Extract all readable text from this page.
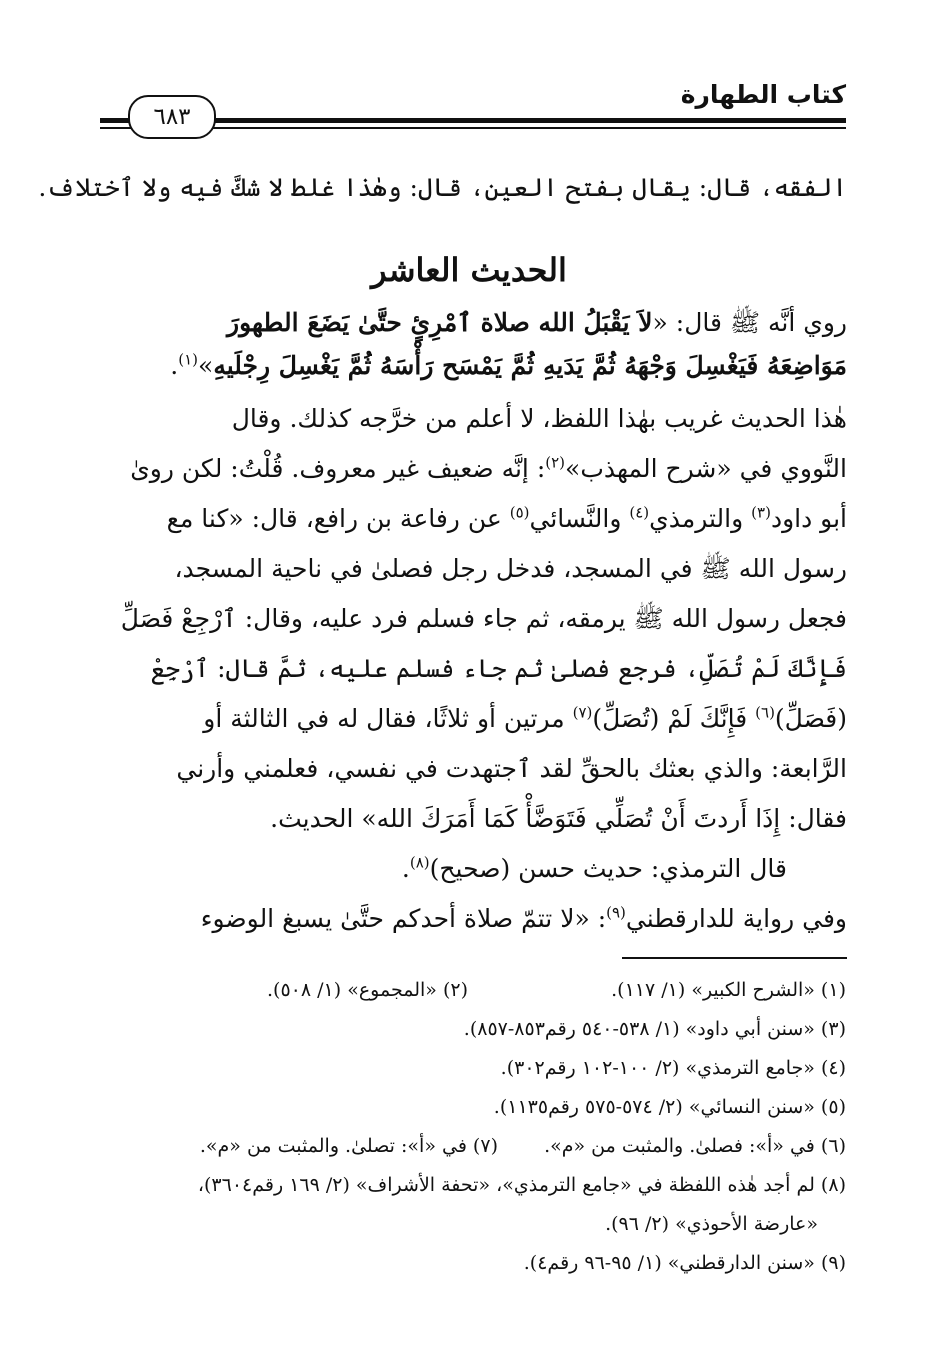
كتاب الطهارة
٦٨٣
الفقه، قال: يقال بفتح العين، قال: وهٰذا غلط لا شكَّ فيه ولا ٱختلاف.
الحديث العاشر
روي أنَّه ﷺ قال: «لاَ يَقْبَلُ الله صلاة ٱمْرِئٍ حتَّىٰ يَضَعَ الطهورَ
مَوَاضِعَهُ فَيَغْسِلَ وَجْهَهُ ثُمَّ يَدَيهِ ثُمَّ يَمْسَح رَأْسَهُ ثُمَّ يَغْسِلَ رِجْلَيهِ»$^{(١)}$.
هٰذا الحديث غريب بهٰذا اللفظ، لا أعلم من خرَّجه كذلك. وقال
النَّووي في «شرح المهذب»$^{(٢)}$: إنَّه ضعيف غير معروف. قُلْتُ: لكن روىٰ
أبو داود$^{(٣)}$ والترمذي$^{(٤)}$ والنَّسائي$^{(٥)}$ عن رفاعة بن رافع، قال: «كنا مع
رسول الله ﷺ في المسجد، فدخل رجل فصلىٰ في ناحية المسجد،
فجعل رسول الله ﷺ يرمقه، ثم جاء فسلم فرد عليه، وقال: ٱرْجِعْ فَصَلِّ
فَإِنَّكَ لَمْ تُصَلِّ، فرجع فصلىٰ ثم جاء فسلم عليه، ثمَّ قال: ٱرْجِعْ
(فَصَلِّ)$^{(٦)}$ فَإِنَّكَ لَمْ (تُصَلِّ)$^{(٧)}$ مرتين أو ثلاثًا، فقال له في الثالثة أو
الرَّابعة: والذي بعثك بالحقِّ لقد ٱجتهدت في نفسي، فعلمني وأرني
فقال: إِذَا أَردتَ أَنْ تُصَلِّي فَتَوَضَّأْ كَمَا أَمَرَكَ الله» الحديث.
قال الترمذي: حديث حسن (صحيح)$^{(٨)}$.
وفي رواية للدارقطني$^{(٩)}$: «لا تتمّ صلاة أحدكم حتَّىٰ يسبغ الوضوء
(١) «الشرح الكبير» (١/ ١١٧).
(٢) «المجموع» (١/ ٥٠٨).
(٣) «سنن أبي داود» (١/ ٥٣٨-٥٤٠ رقم٨٥٣-٨٥٧).
(٤) «جامع الترمذي» (٢/ ١٠٠-١٠٢ رقم٣٠٢).
(٥) «سنن النسائي» (٢/ ٥٧٤-٥٧٥ رقم١١٣٥).
(٦) في «أ»: فصلىٰ. والمثبت من «م».
(٧) في «أ»: تصلىٰ. والمثبت من «م».
(٨) لم أجد هٰذه اللفظة في «جامع الترمذي»، «تحفة الأشراف» (٢/ ١٦٩ رقم٣٦٠٤)،
«عارضة الأحوذي» (٢/ ٩٦).
(٩) «سنن الدارقطني» (١/ ٩٥-٩٦ رقم٤).
